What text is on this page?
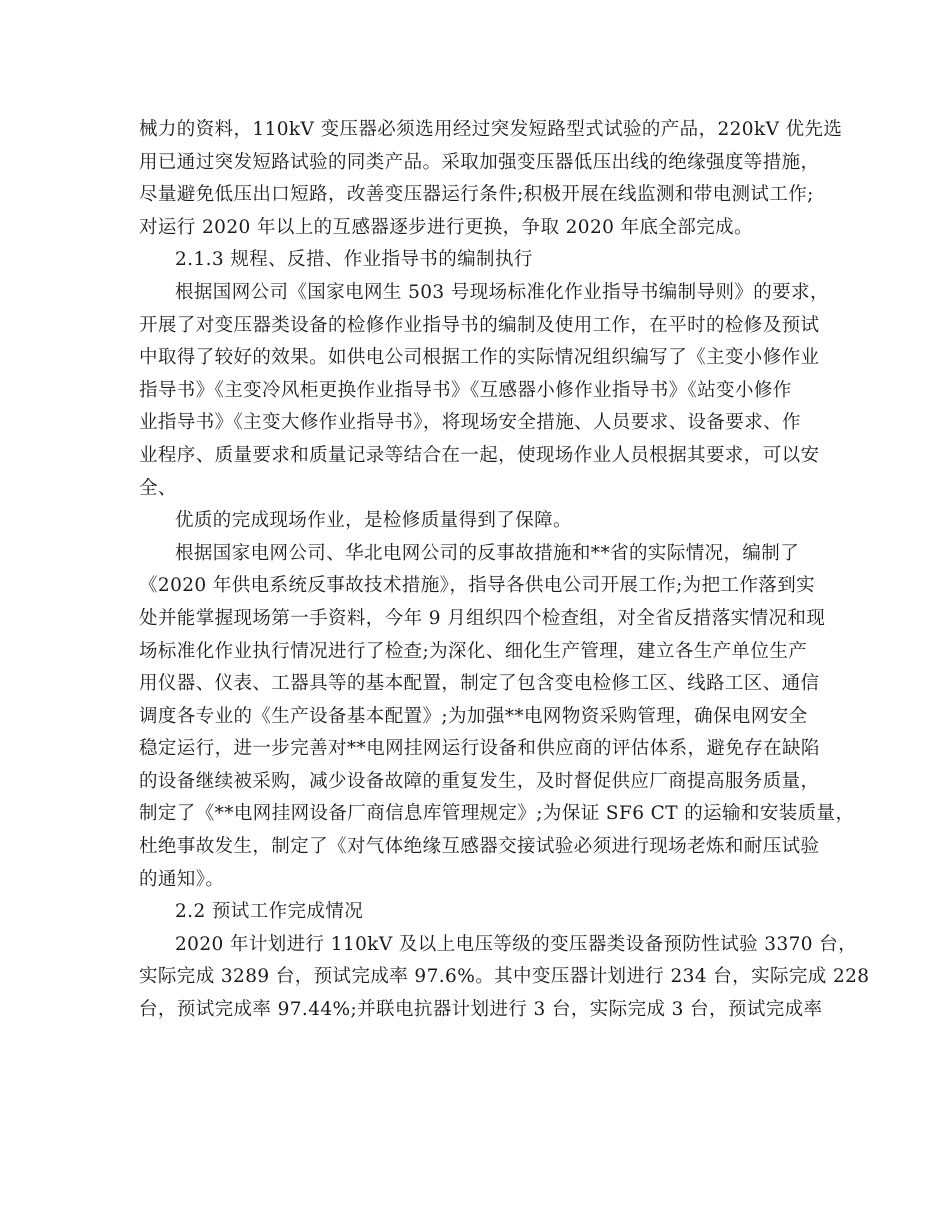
械力的资料，110kV 变压器必须选用经过突发短路型式试验的产品，220kV 优先选
用已通过突发短路试验的同类产品。采取加强变压器低压出线的绝缘强度等措施，
尽量避免低压出口短路，改善变压器运行条件;积极开展在线监测和带电测试工作;
对运行 2020 年以上的互感器逐步进行更换，争取 2020 年底全部完成。
2.1.3 规程、反措、作业指导书的编制执行
根据国网公司《国家电网生 503 号现场标准化作业指导书编制导则》的要求，
开展了对变压器类设备的检修作业指导书的编制及使用工作，在平时的检修及预试
中取得了较好的效果。如供电公司根据工作的实际情况组织编写了《主变小修作业
指导书》《主变冷风柜更换作业指导书》《互感器小修作业指导书》《站变小修作
业指导书》《主变大修作业指导书》，将现场安全措施、人员要求、设备要求、作
业程序、质量要求和质量记录等结合在一起，使现场作业人员根据其要求，可以安
全、
优质的完成现场作业，是检修质量得到了保障。
根据国家电网公司、华北电网公司的反事故措施和**省的实际情况，编制了
《2020 年供电系统反事故技术措施》，指导各供电公司开展工作;为把工作落到实
处并能掌握现场第一手资料，今年 9 月组织四个检查组，对全省反措落实情况和现
场标准化作业执行情况进行了检查;为深化、细化生产管理，建立各生产单位生产
用仪器、仪表、工器具等的基本配置，制定了包含变电检修工区、线路工区、通信
调度各专业的《生产设备基本配置》;为加强**电网物资采购管理，确保电网安全
稳定运行，进一步完善对**电网挂网运行设备和供应商的评估体系，避免存在缺陷
的设备继续被采购，减少设备故障的重复发生，及时督促供应厂商提高服务质量，
制定了《**电网挂网设备厂商信息库管理规定》;为保证 SF6 CT 的运输和安装质量，
杜绝事故发生，制定了《对气体绝缘互感器交接试验必须进行现场老炼和耐压试验
的通知》。
2.2 预试工作完成情况
2020 年计划进行 110kV 及以上电压等级的变压器类设备预防性试验 3370 台，
实际完成 3289 台，预试完成率 97.6%。其中变压器计划进行 234 台，实际完成 228
台，预试完成率 97.44%;并联电抗器计划进行 3 台，实际完成 3 台，预试完成率
